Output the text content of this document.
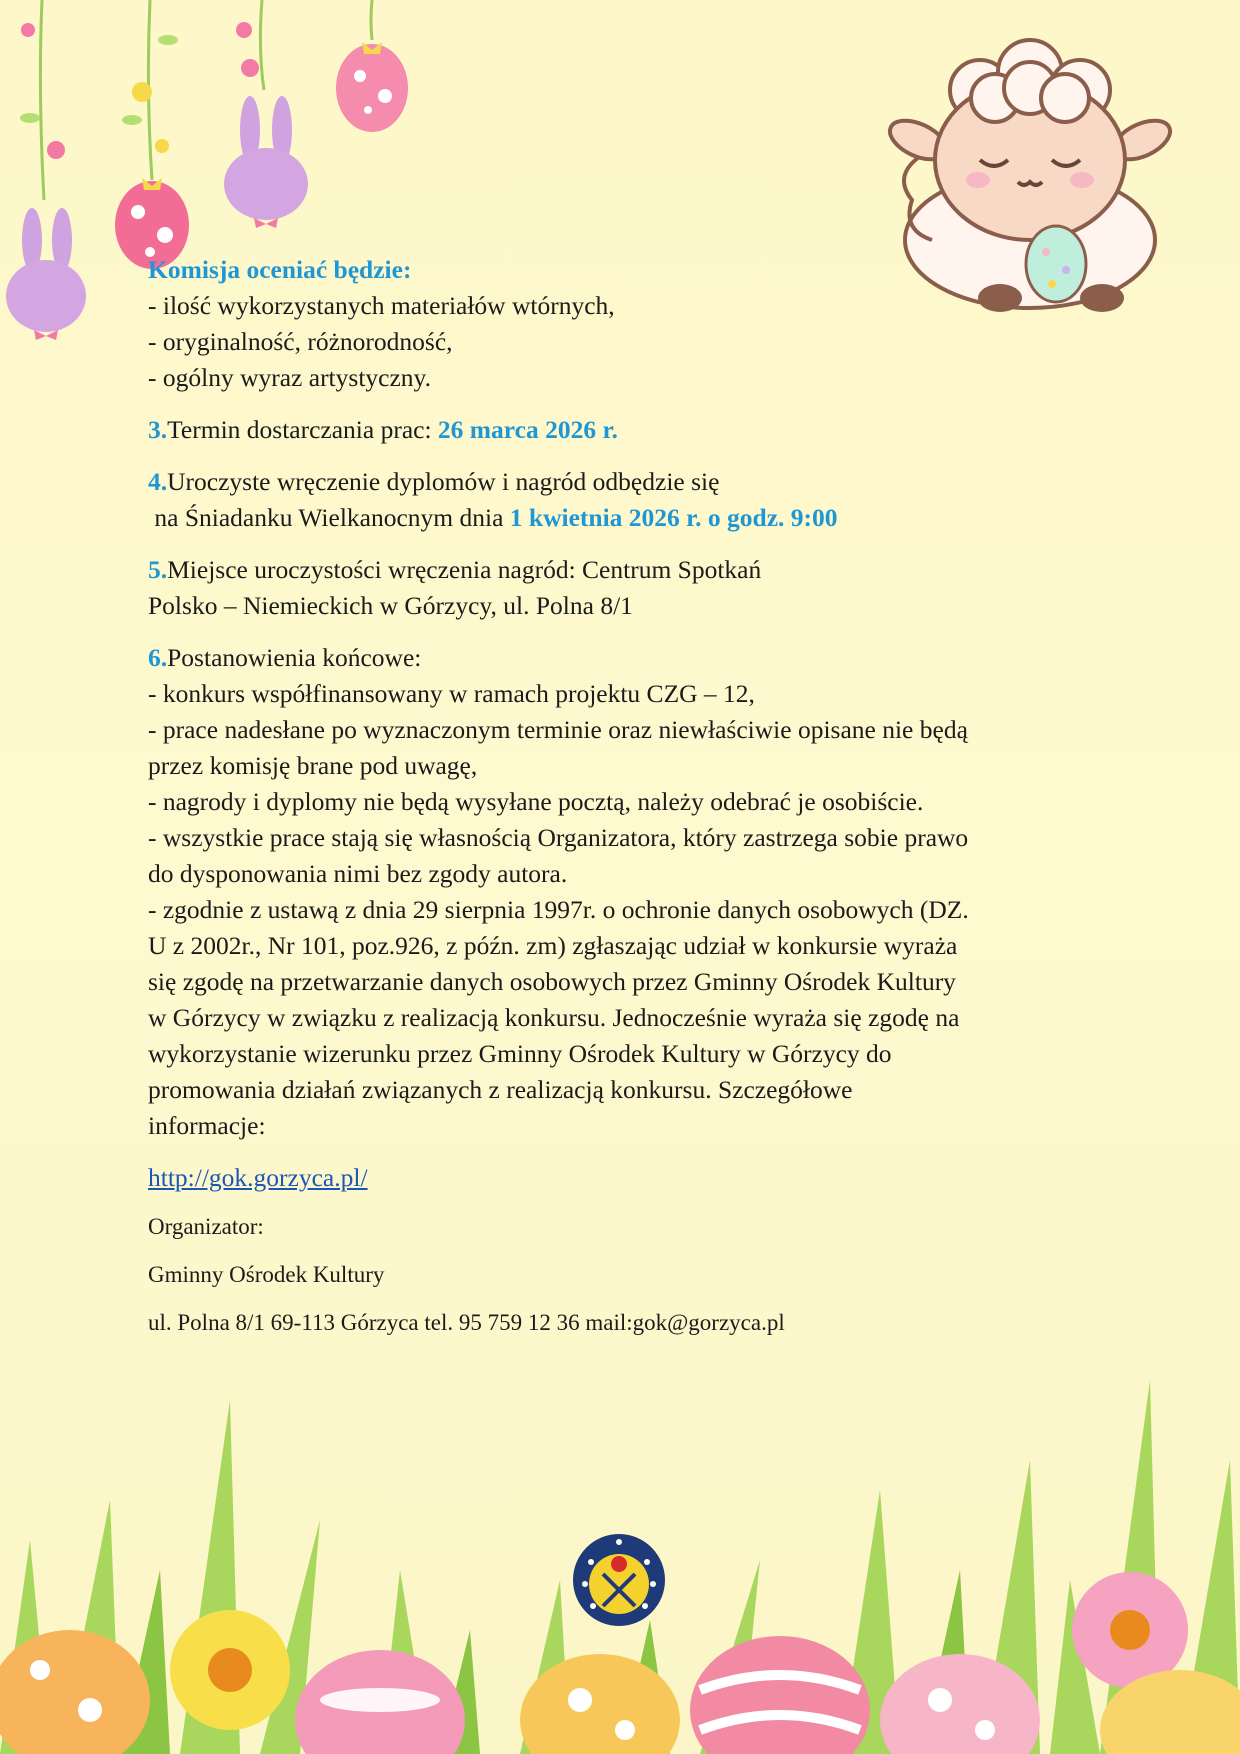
Komisja oceniać będzie:
- ilość wykorzystanych materiałów wtórnych,
- oryginalność, różnorodność,
- ogólny wyraz artystyczny.
3.Termin dostarczania prac: 26 marca 2026 r.
4.Uroczyste wręczenie dyplomów i nagród odbędzie się
na Śniadanku Wielkanocnym dnia 1 kwietnia 2026 r. o godz. 9:00
5.Miejsce uroczystości wręczenia nagród: Centrum Spotkań
Polsko – Niemieckich w Górzycy, ul. Polna 8/1
6.Postanowienia końcowe:
- konkurs współfinansowany w ramach projektu CZG – 12,
- prace nadesłane po wyznaczonym terminie oraz niewłaściwie opisane nie będą
przez komisję brane pod uwagę,
- nagrody i dyplomy nie będą wysyłane pocztą, należy odebrać je osobiście.
- wszystkie prace stają się własnością Organizatora, który zastrzega sobie prawo
do dysponowania nimi bez zgody autora.
- zgodnie z ustawą z dnia 29 sierpnia 1997r. o ochronie danych osobowych (DZ.
U z 2002r., Nr 101, poz.926, z późn. zm) zgłaszając udział w konkursie wyraża
się zgodę na przetwarzanie danych osobowych przez Gminny Ośrodek Kultury
w Górzycy w związku z realizacją konkursu. Jednocześnie wyraża się zgodę na
wykorzystanie wizerunku przez Gminny Ośrodek Kultury w Górzycy do
promowania działań związanych z realizacją konkursu. Szczegółowe
informacje:
http://gok.gorzyca.pl/
Organizator:
Gminny Ośrodek Kultury
ul. Polna 8/1 69-113 Górzyca tel. 95 759 12 36 mail:gok@gorzyca.pl
